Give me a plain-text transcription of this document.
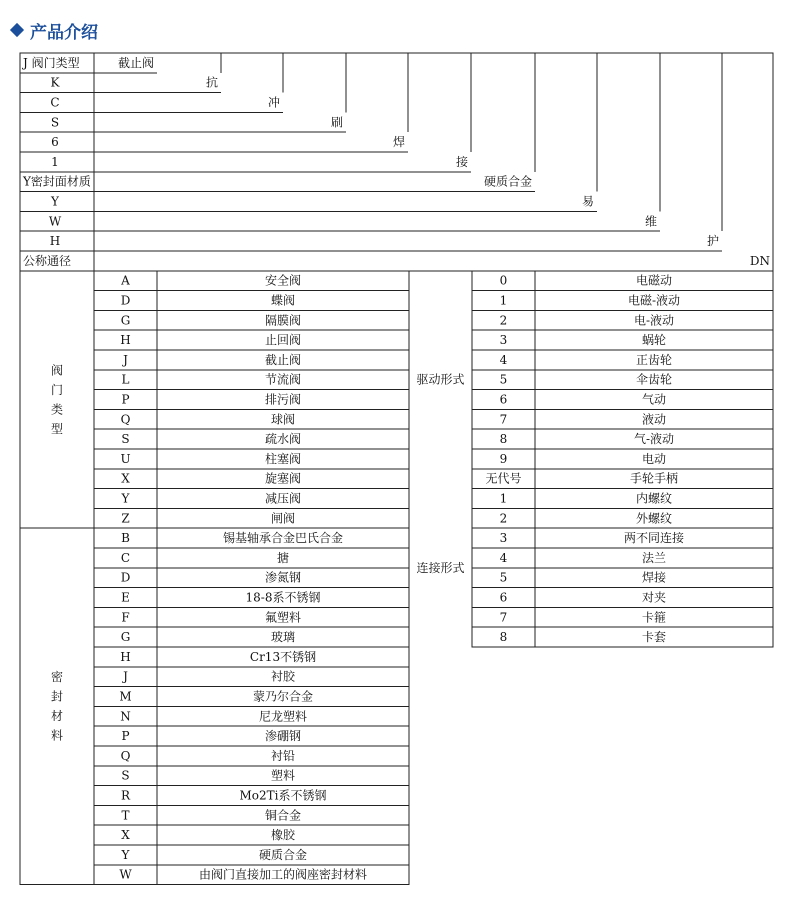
产品介绍
J 阀门类型	截止阀
K	抗
C	冲
S	刷
6	焊
1	接
Y密封面材质	硬质合金
Y	易
W	维
H	护
公称通径	DN
A	安全阀
D	蝶阀
G	隔膜阀
H	止回阀
J	截止阀
L	节流阀
P	排污阀
Q	球阀
S	疏水阀
U	柱塞阀
X	旋塞阀
Y	减压阀
Z	闸阀
B	锡基轴承合金巴氏合金
C	搪
D	渗氮钢
E	18-8系不锈钢
F	氟塑料
G	玻璃
H	Cr13不锈钢
J	衬胶
M	蒙乃尔合金
N	尼龙塑料
P	渗硼钢
Q	衬铅
S	塑料
R	Mo2Ti系不锈钢
T	铜合金
X	橡胶
Y	硬质合金
W	由阀门直接加工的阀座密封材料
阀
门
类
型
密
封
材
料
驱动形式
连接形式
0	电磁动
1	电磁-液动
2	电-液动
3	蜗轮
4	正齿轮
5	伞齿轮
6	气动
7	液动
8	气-液动
9	电动
无代号	手轮手柄
1	内螺纹
2	外螺纹
3	两不同连接
4	法兰
5	焊接
6	对夹
7	卡箍
8	卡套
